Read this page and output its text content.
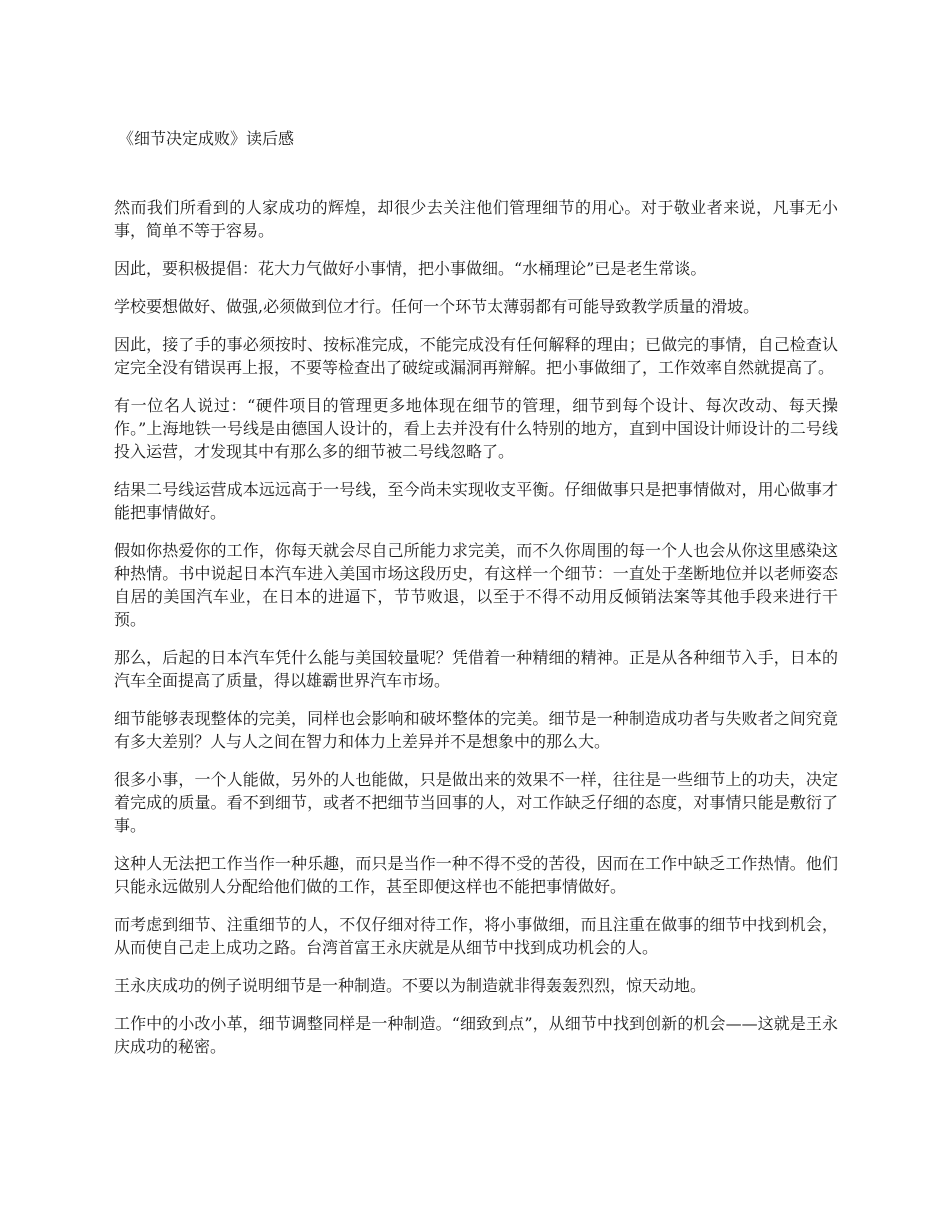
《细节决定成败》读后感

然而我们所看到的人家成功的辉煌，却很少去关注他们管理细节的用心。对于敬业者来说，凡事无小事，简单不等于容易。

因此，要积极提倡：花大力气做好小事情，把小事做细。“水桶理论”已是老生常谈。

学校要想做好、做强,必须做到位才行。任何一个环节太薄弱都有可能导致教学质量的滑坡。

因此，接了手的事必须按时、按标准完成，不能完成没有任何解释的理由；已做完的事情，自己检查认定完全没有错误再上报，不要等检查出了破绽或漏洞再辩解。把小事做细了，工作效率自然就提高了。

有一位名人说过：“硬件项目的管理更多地体现在细节的管理，细节到每个设计、每次改动、每天操作。”上海地铁一号线是由德国人设计的，看上去并没有什么特别的地方，直到中国设计师设计的二号线投入运营，才发现其中有那么多的细节被二号线忽略了。

结果二号线运营成本远远高于一号线，至今尚未实现收支平衡。仔细做事只是把事情做对，用心做事才能把事情做好。

假如你热爱你的工作，你每天就会尽自己所能力求完美，而不久你周围的每一个人也会从你这里感染这种热情。书中说起日本汽车进入美国市场这段历史，有这样一个细节：一直处于垄断地位并以老师姿态自居的美国汽车业，在日本的进逼下，节节败退，以至于不得不动用反倾销法案等其他手段来进行干预。

那么，后起的日本汽车凭什么能与美国较量呢？凭借着一种精细的精神。正是从各种细节入手，日本的汽车全面提高了质量，得以雄霸世界汽车市场。

细节能够表现整体的完美，同样也会影响和破坏整体的完美。细节是一种制造成功者与失败者之间究竟有多大差别？人与人之间在智力和体力上差异并不是想象中的那么大。

很多小事，一个人能做，另外的人也能做，只是做出来的效果不一样，往往是一些细节上的功夫，决定着完成的质量。看不到细节，或者不把细节当回事的人，对工作缺乏仔细的态度，对事情只能是敷衍了事。

这种人无法把工作当作一种乐趣，而只是当作一种不得不受的苦役，因而在工作中缺乏工作热情。他们只能永远做别人分配给他们做的工作，甚至即便这样也不能把事情做好。

而考虑到细节、注重细节的人，不仅仔细对待工作，将小事做细，而且注重在做事的细节中找到机会，从而使自己走上成功之路。台湾首富王永庆就是从细节中找到成功机会的人。

王永庆成功的例子说明细节是一种制造。不要以为制造就非得轰轰烈烈，惊天动地。

工作中的小改小革，细节调整同样是一种制造。“细致到点”，从细节中找到创新的机会——这就是王永庆成功的秘密。
